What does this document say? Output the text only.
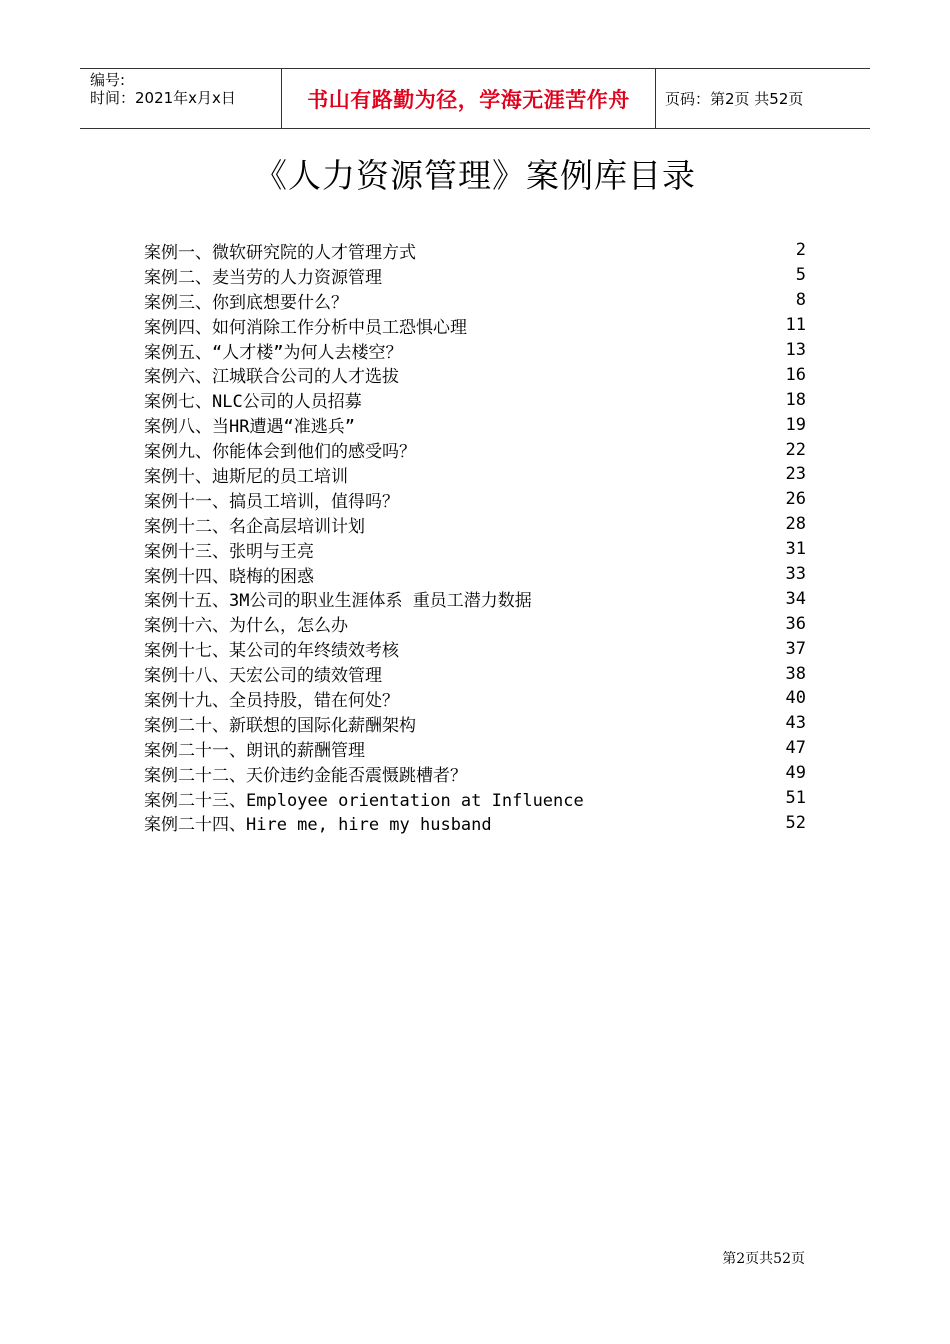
编号:
时间：2021年x月x日	书山有路勤为径，学海无涯苦作舟	页码：第2页 共52页
《人力资源管理》案例库目录
案例一、微软研究院的人才管理方式	2
案例二、麦当劳的人力资源管理	5
案例三、你到底想要什么？	8
案例四、如何消除工作分析中员工恐惧心理	11
案例五、“人才楼”为何人去楼空？	13
案例六、江城联合公司的人才选拔	16
案例七、NLC公司的人员招募	18
案例八、当HR遭遇“准逃兵”	19
案例九、你能体会到他们的感受吗？	22
案例十、迪斯尼的员工培训	23
案例十一、搞员工培训，值得吗？	26
案例十二、名企高层培训计划	28
案例十三、张明与王亮	31
案例十四、晓梅的困惑	33
案例十五、3M公司的职业生涯体系 重员工潜力数据	34
案例十六、为什么，怎么办	36
案例十七、某公司的年终绩效考核	37
案例十八、天宏公司的绩效管理	38
案例十九、全员持股，错在何处？	40
案例二十、新联想的国际化薪酬架构	43
案例二十一、朗讯的薪酬管理	47
案例二十二、天价违约金能否震慑跳槽者？	49
案例二十三、Employee orientation at Influence	51
案例二十四、Hire me, hire my husband	52
第2页共52页
